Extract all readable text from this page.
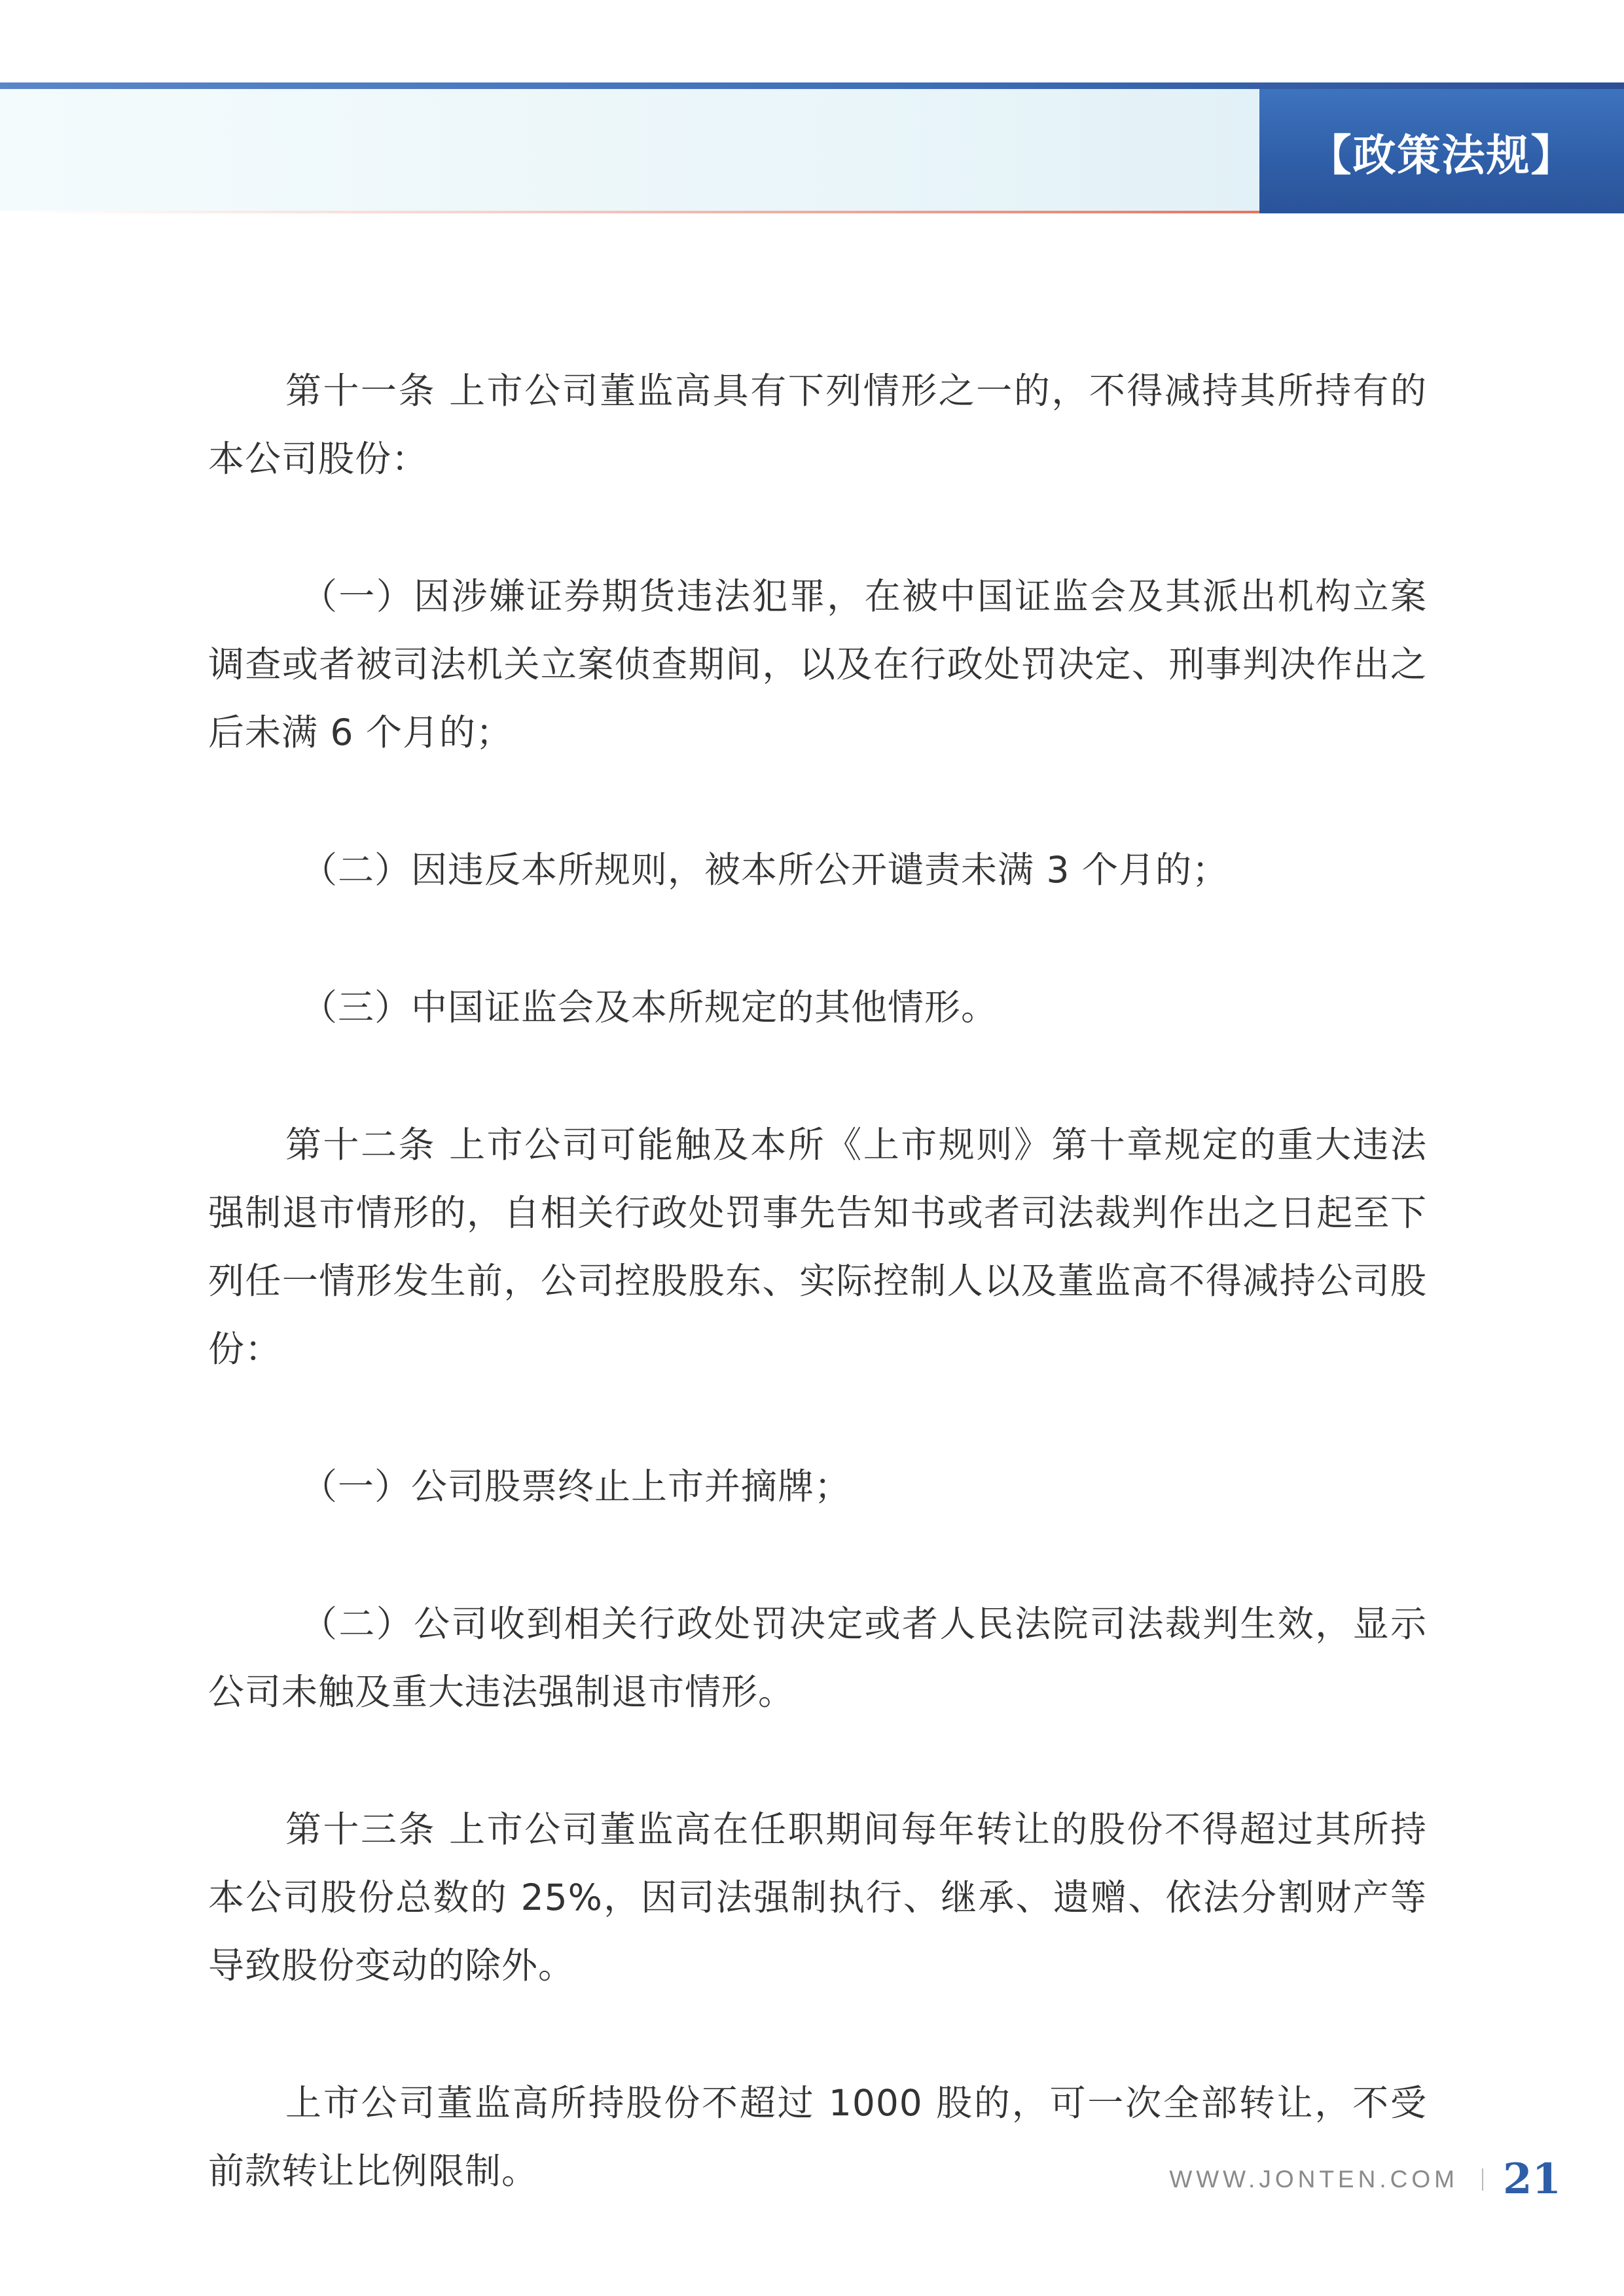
【政策法规】

第十一条 上市公司董监高具有下列情形之一的，不得减持其所持有的本公司股份：

（一）因涉嫌证券期货违法犯罪，在被中国证监会及其派出机构立案调查或者被司法机关立案侦查期间，以及在行政处罚决定、刑事判决作出之后未满 6 个月的；

（二）因违反本所规则，被本所公开谴责未满 3 个月的；

（三）中国证监会及本所规定的其他情形。

第十二条 上市公司可能触及本所《上市规则》第十章规定的重大违法强制退市情形的，自相关行政处罚事先告知书或者司法裁判作出之日起至下列任一情形发生前，公司控股股东、实际控制人以及董监高不得减持公司股份：

（一）公司股票终止上市并摘牌；

（二）公司收到相关行政处罚决定或者人民法院司法裁判生效，显示公司未触及重大违法强制退市情形。

第十三条 上市公司董监高在任职期间每年转让的股份不得超过其所持本公司股份总数的 25%，因司法强制执行、继承、遗赠、依法分割财产等导致股份变动的除外。

上市公司董监高所持股份不超过 1000 股的，可一次全部转让，不受前款转让比例限制。	WWW.JONTEN.COM 21
